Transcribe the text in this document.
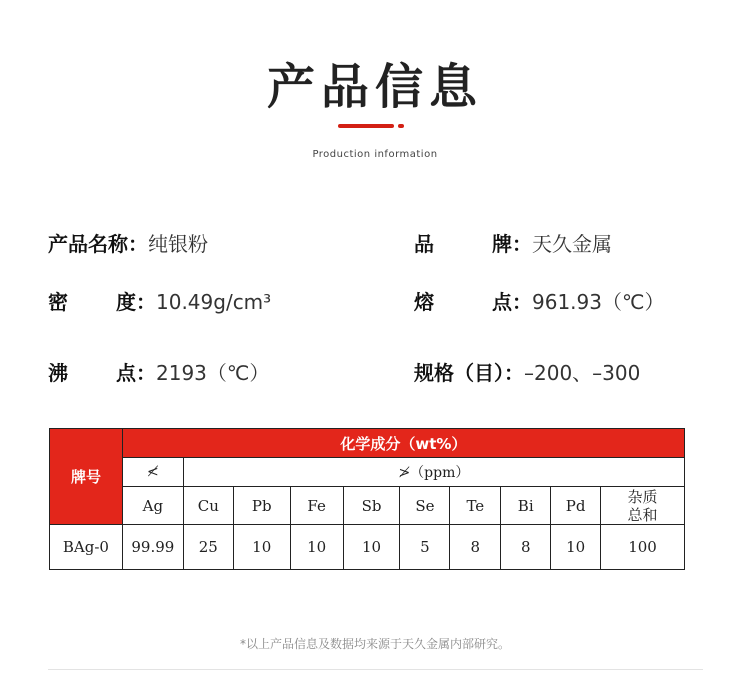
产品信息
Production information
产品名称：纯银粉	品	牌：天久金属
密 度：10.49g/cm³	熔	点：961.93（℃）
沸 点：2193（℃）	规格（目）：–200、–300
牌号	化学成分（wt%）									
	≮	≯（ppm）								
	Ag	Cu	Pb	Fe	Sb	Se	Te	Bi	Pd	杂质
总和

BAg-0	99.99	25	10	10	10	5	8	8	10	100
*以上产品信息及数据均来源于天久金属内部研究。
